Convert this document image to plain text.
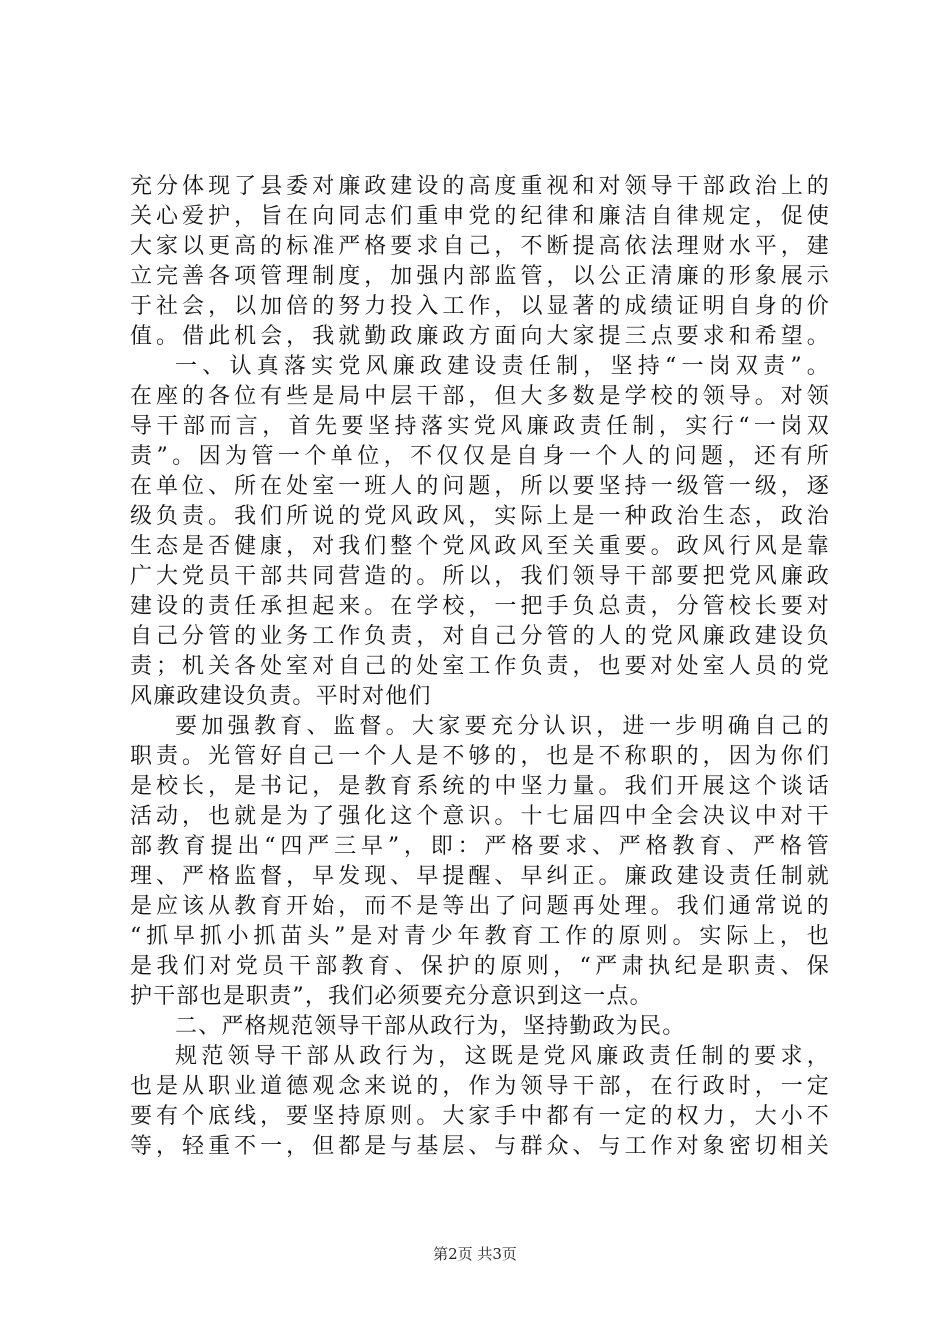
充分体现了县委对廉政建设的高度重视和对领导干部政治上的
关心爱护，旨在向同志们重申党的纪律和廉洁自律规定，促使
大家以更高的标准严格要求自己，不断提高依法理财水平，建
立完善各项管理制度，加强内部监管，以公正清廉的形象展示
于社会，以加倍的努力投入工作，以显著的成绩证明自身的价
值。借此机会，我就勤政廉政方面向大家提三点要求和希望。
一、认真落实党风廉政建设责任制，坚持“一岗双责”。
在座的各位有些是局中层干部，但大多数是学校的领导。对领
导干部而言，首先要坚持落实党风廉政责任制，实行“一岗双
责”。因为管一个单位，不仅仅是自身一个人的问题，还有所
在单位、所在处室一班人的问题，所以要坚持一级管一级，逐
级负责。我们所说的党风政风，实际上是一种政治生态，政治
生态是否健康，对我们整个党风政风至关重要。政风行风是靠
广大党员干部共同营造的。所以，我们领导干部要把党风廉政
建设的责任承担起来。在学校，一把手负总责，分管校长要对
自己分管的业务工作负责，对自己分管的人的党风廉政建设负
责；机关各处室对自己的处室工作负责，也要对处室人员的党
风廉政建设负责。平时对他们
要加强教育、监督。大家要充分认识，进一步明确自己的
职责。光管好自己一个人是不够的，也是不称职的，因为你们
是校长，是书记，是教育系统的中坚力量。我们开展这个谈话
活动，也就是为了强化这个意识。十七届四中全会决议中对干
部教育提出“四严三早”，即：严格要求、严格教育、严格管
理、严格监督，早发现、早提醒、早纠正。廉政建设责任制就
是应该从教育开始，而不是等出了问题再处理。我们通常说的
“抓早抓小抓苗头”是对青少年教育工作的原则。实际上，也
是我们对党员干部教育、保护的原则，“严肃执纪是职责、保
护干部也是职责”，我们必须要充分意识到这一点。
二、严格规范领导干部从政行为，坚持勤政为民。
规范领导干部从政行为，这既是党风廉政责任制的要求，
也是从职业道德观念来说的，作为领导干部，在行政时，一定
要有个底线，要坚持原则。大家手中都有一定的权力，大小不
等，轻重不一，但都是与基层、与群众、与工作对象密切相关
第2页 共3页
